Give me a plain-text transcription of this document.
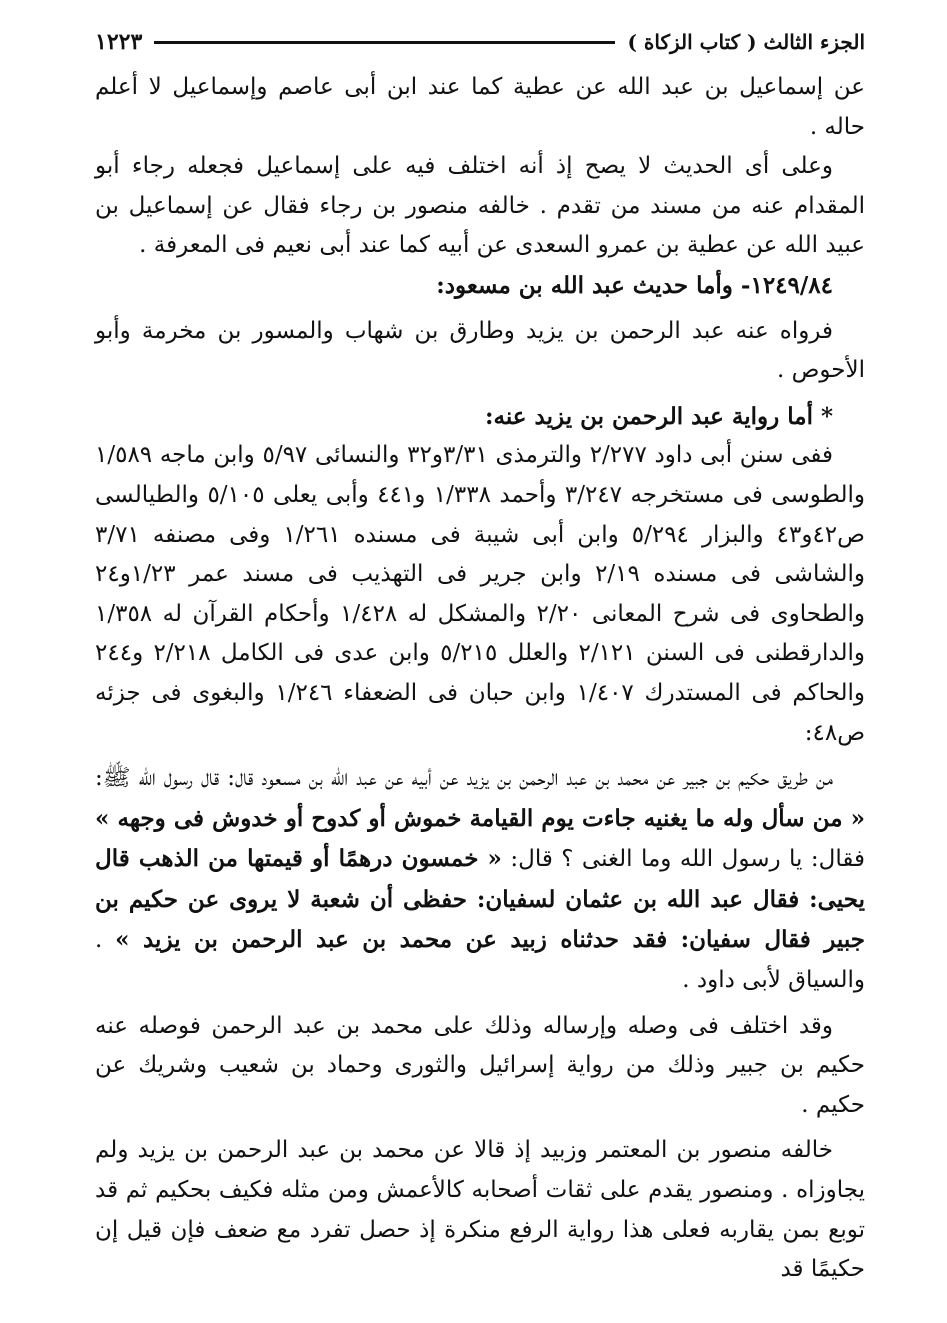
الجزء الثالث ( كتاب الزكاة )
١٢٢٣

عن إسماعيل بن عبد الله عن عطية كما عند ابن أبى عاصم وإسماعيل لا أعلم حاله .

وعلى أى الحديث لا يصح إذ أنه اختلف فيه على إسماعيل فجعله رجاء أبو المقدام عنه من مسند من تقدم . خالفه منصور بن رجاء فقال عن إسماعيل بن عبيد الله عن عطية بن عمرو السعدى عن أبيه كما عند أبى نعيم فى المعرفة .

١٢٤٩/٨٤- وأما حديث عبد الله بن مسعود:

فرواه عنه عبد الرحمن بن يزيد وطارق بن شهاب والمسور بن مخرمة وأبو الأحوص .

* أما رواية عبد الرحمن بن يزيد عنه:

ففى سنن أبى داود ٢/٢٧٧ والترمذى ٣/٣١و٣٢ والنسائى ٥/٩٧ وابن ماجه ١/٥٨٩ والطوسى فى مستخرجه ٣/٢٤٧ وأحمد ١/٣٣٨ و٤٤١ وأبى يعلى ٥/١٠٥ والطيالسى ص٤٢و٤٣ والبزار ٥/٢٩٤ وابن أبى شيبة فى مسنده ١/٢٦١ وفى مصنفه ٣/٧١ والشاشى فى مسنده ٢/١٩ وابن جرير فى التهذيب فى مسند عمر ١/٢٣و٢٤ والطحاوى فى شرح المعانى ٢/٢٠ والمشكل له ١/٤٢٨ وأحكام القرآن له ١/٣٥٨ والدارقطنى فى السنن ٢/١٢١ والعلل ٥/٢١٥ وابن عدى فى الكامل ٢/٢١٨ و٢٤٤ والحاكم فى المستدرك ١/٤٠٧ وابن حبان فى الضعفاء ١/٢٤٦ والبغوى فى جزئه ص٤٨:

من طريق حكيم بن جبير عن محمد بن عبد الرحمن بن يزيد عن أبيه عن عبد الله بن مسعود قال: قال رسول الله ﷺ: « من سأل وله ما يغنيه جاءت يوم القيامة خموش أو كدوح أو خدوش فى وجهه » فقال: يا رسول الله وما الغنى ؟ قال: « خمسون درهمًا أو قيمتها من الذهب قال يحيى: فقال عبد الله بن عثمان لسفيان: حفظى أن شعبة لا يروى عن حكيم بن جبير فقال سفيان: فقد حدثناه زبيد عن محمد بن عبد الرحمن بن يزيد » . والسياق لأبى داود .

وقد اختلف فى وصله وإرساله وذلك على محمد بن عبد الرحمن فوصله عنه حكيم بن جبير وذلك من رواية إسرائيل والثورى وحماد بن شعيب وشريك عن حكيم .

خالفه منصور بن المعتمر وزبيد إذ قالا عن محمد بن عبد الرحمن بن يزيد ولم يجاوزاه . ومنصور يقدم على ثقات أصحابه كالأعمش ومن مثله فكيف بحكيم ثم قد توبع بمن يقاربه فعلى هذا رواية الرفع منكرة إذ حصل تفرد مع ضعف فإن قيل إن حكيمًا قد
